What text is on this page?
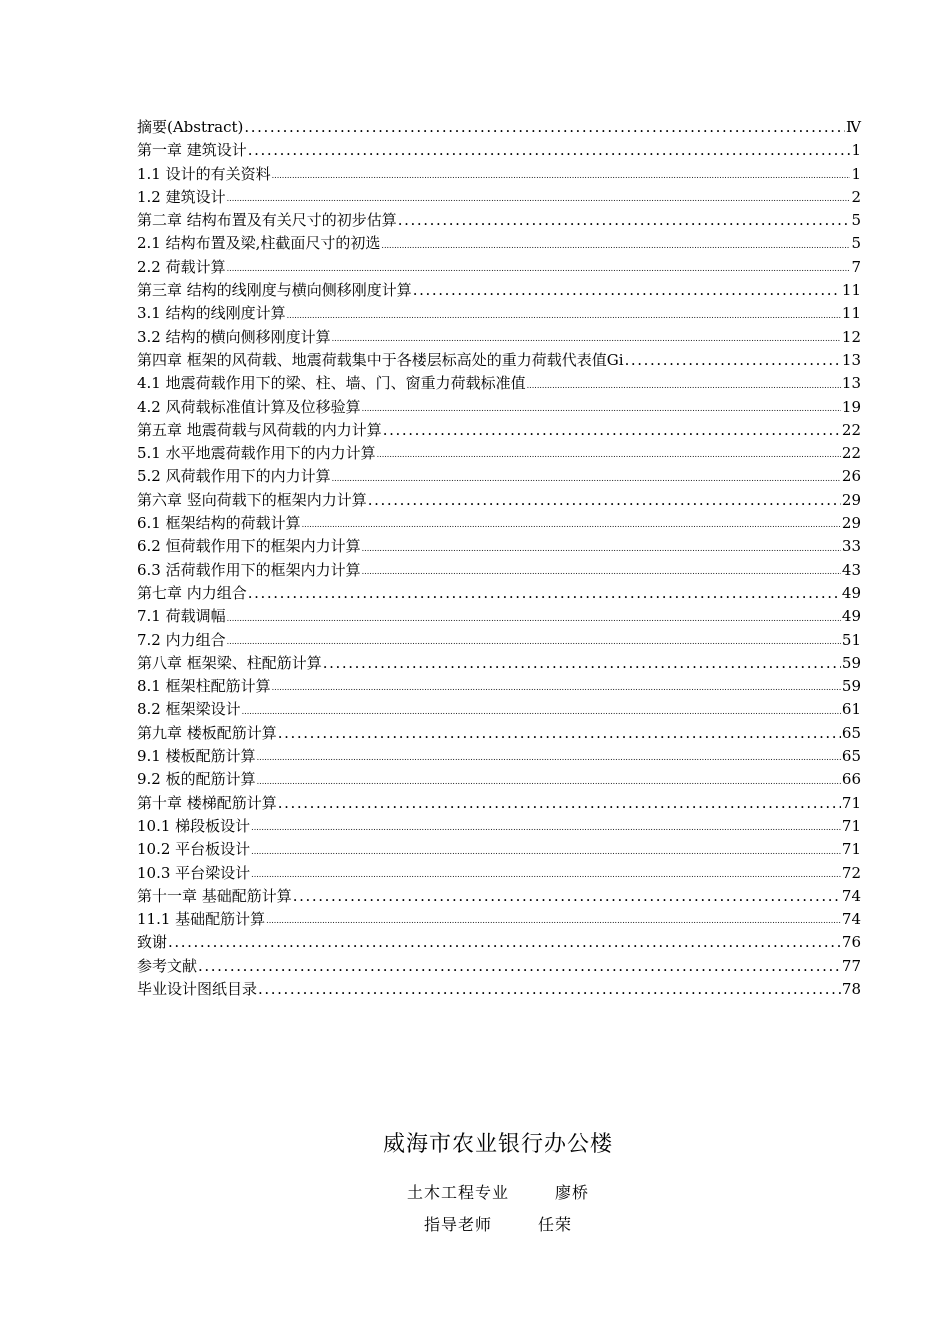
摘要(Abstract) .....	Ⅳ
第一章 建筑设计 .....	1
1.1 设计的有关资料 .....	1
1.2 建筑设计 .....	2
第二章 结构布置及有关尺寸的初步估算 .....	5
2.1 结构布置及梁,柱截面尺寸的初选 .....	5
2.2 荷载计算 .....	7
第三章 结构的线刚度与横向侧移刚度计算 .....	11
3.1 结构的线刚度计算 .....	11
3.2 结构的横向侧移刚度计算 .....	12
第四章 框架的风荷载、地震荷载集中于各楼层标高处的重力荷载代表值Gi .....	13
4.1 地震荷载作用下的梁、柱、墙、门、窗重力荷载标准值 .....	13
4.2 风荷载标准值计算及位移验算 .....	19
第五章 地震荷载与风荷载的内力计算 .....	22
5.1 水平地震荷载作用下的内力计算 .....	22
5.2 风荷载作用下的内力计算 .....	26
第六章 竖向荷载下的框架内力计算 .....	29
6.1 框架结构的荷载计算 .....	29
6.2 恒荷载作用下的框架内力计算 .....	33
6.3 活荷载作用下的框架内力计算 .....	43
第七章 内力组合 .....	49
7.1 荷载调幅 .....	49
7.2 内力组合 .....	51
第八章 框架梁、柱配筋计算 .....	59
8.1 框架柱配筋计算 .....	59
8.2 框架梁设计 .....	61
第九章 楼板配筋计算 .....	65
9.1 楼板配筋计算 .....	65
9.2 板的配筋计算 .....	66
第十章 楼梯配筋计算 .....	71
10.1 梯段板设计 .....	71
10.2 平台板设计 .....	71
10.3 平台梁设计 .....	72
第十一章 基础配筋计算 .....	74
11.1 基础配筋计算 .....	74
致谢 .....	76
参考文献 .....	77
毕业设计图纸目录 .....	78
威海市农业银行办公楼
土木工程专业	廖桥
指导老师	任荣
